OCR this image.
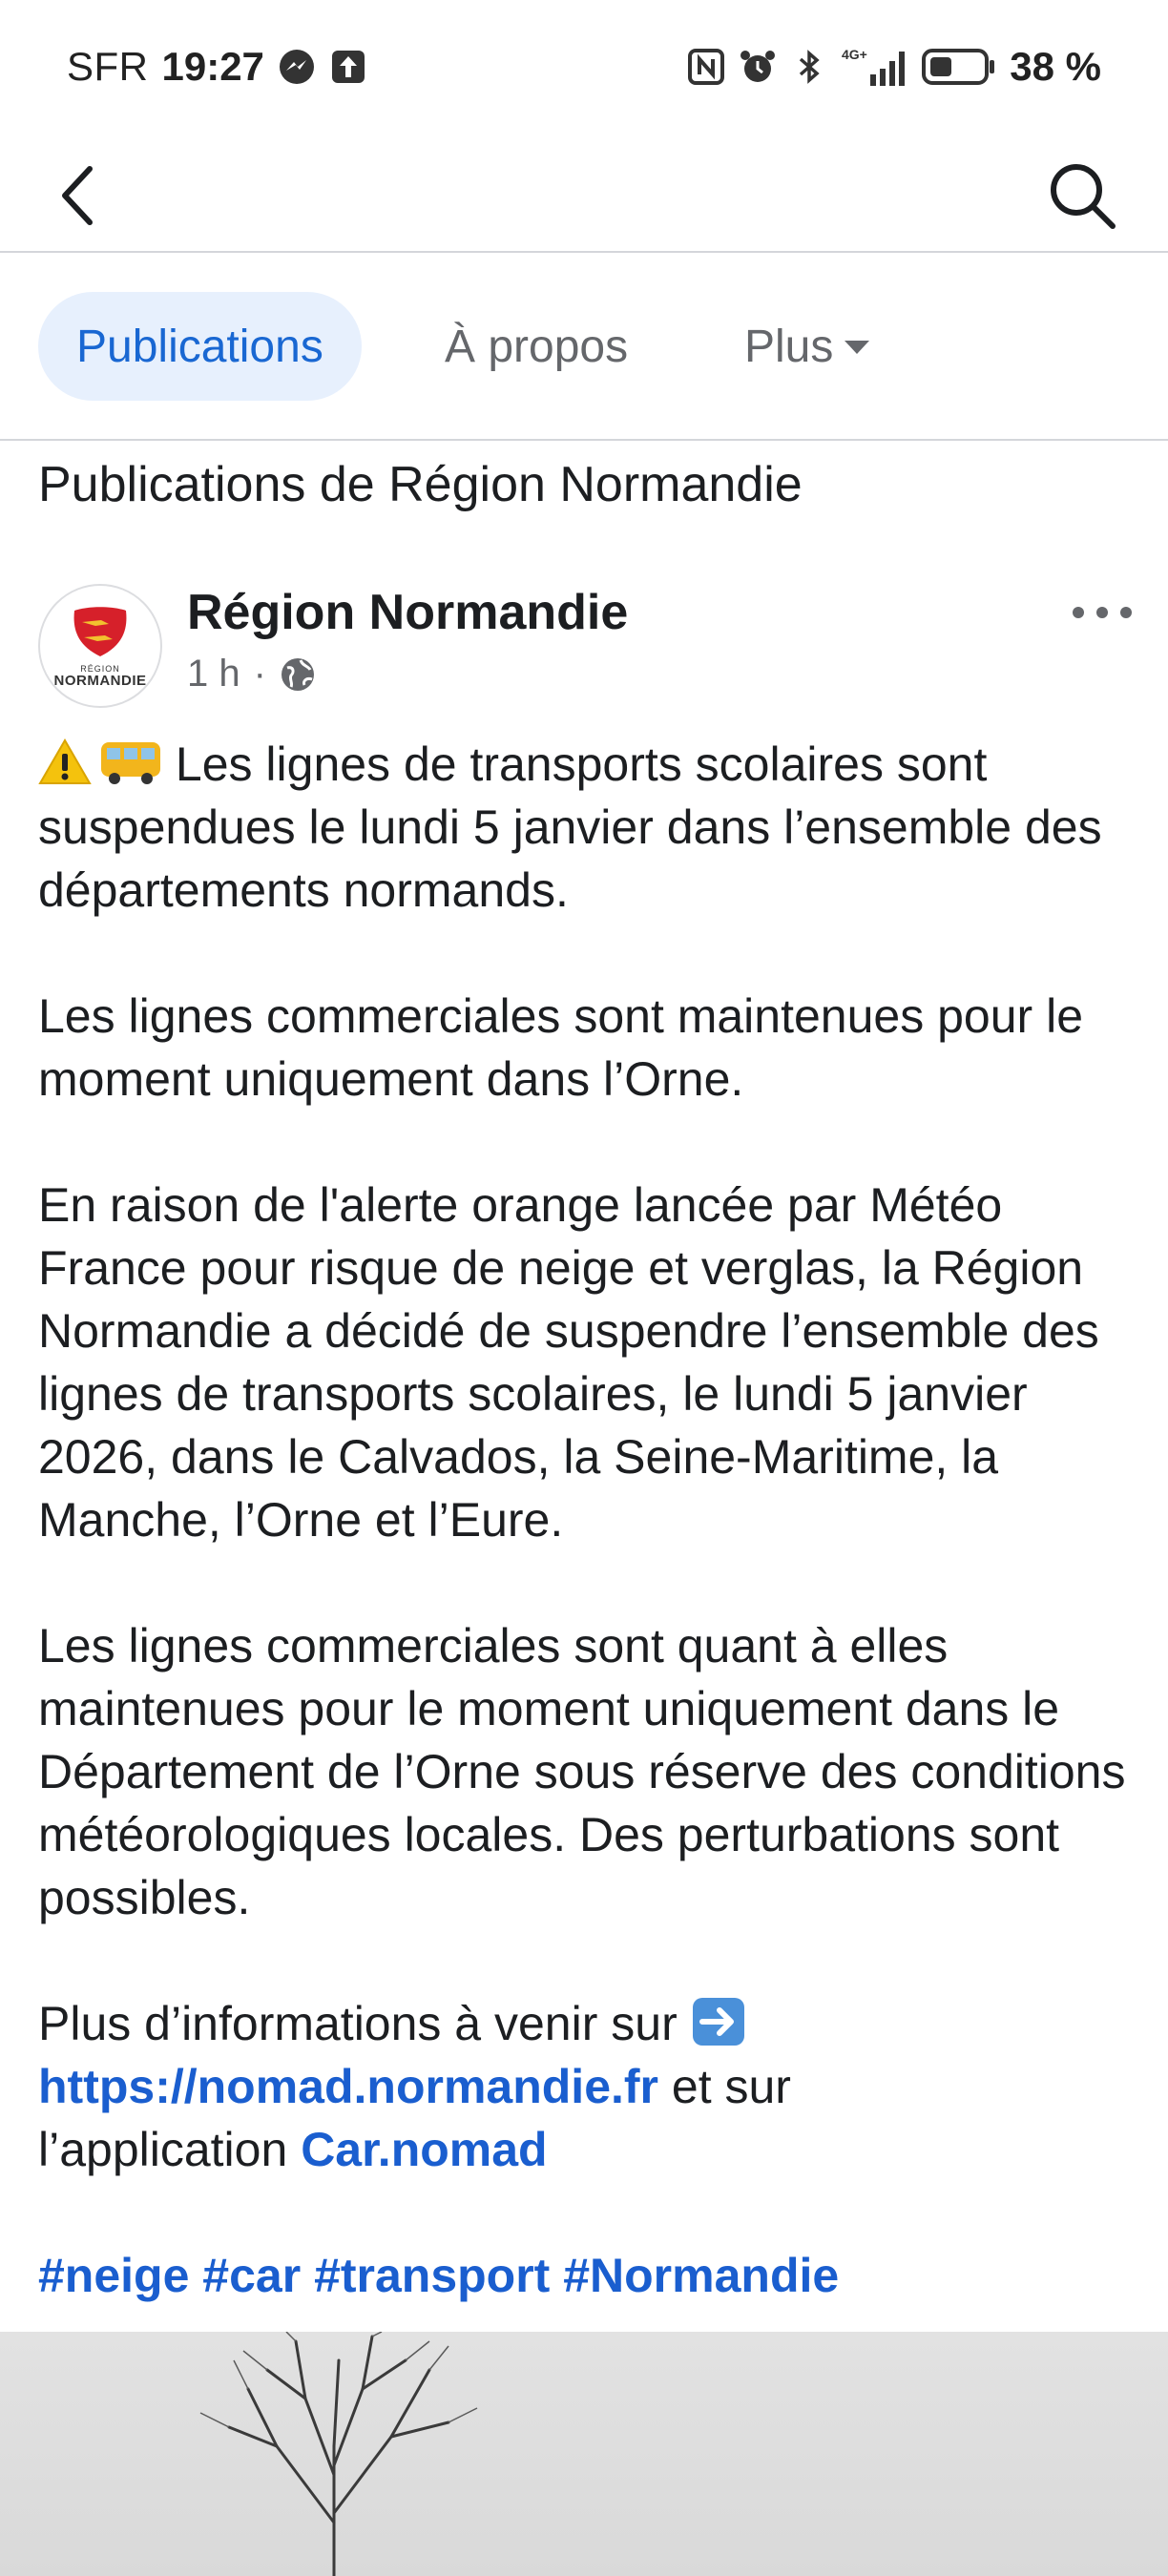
SFR 19:27	4G+	38 %
Publications	À propos	Plus
Publications de Région Normandie
RÉGION
NORMANDIE
Région Normandie
1 h ·

Les lignes de transports scolaires sont suspendues le lundi 5 janvier dans l’ensemble des départements normands.

Les lignes commerciales sont maintenues pour le moment uniquement dans l’Orne.

En raison de l'alerte orange lancée par Météo France pour risque de neige et verglas, la Région Normandie a décidé de suspendre l’ensemble des lignes de transports scolaires, le lundi 5 janvier 2026, dans le Calvados, la Seine-Maritime, la Manche, l’Orne et l’Eure.

Les lignes commerciales sont quant à elles maintenues pour le moment uniquement dans le Département de l’Orne sous réserve des conditions météorologiques locales. Des perturbations sont possibles.

Plus d’informations à venir sur
https://nomad.normandie.fr et sur
l’application Car.nomad

#neige #car #transport #Normandie
